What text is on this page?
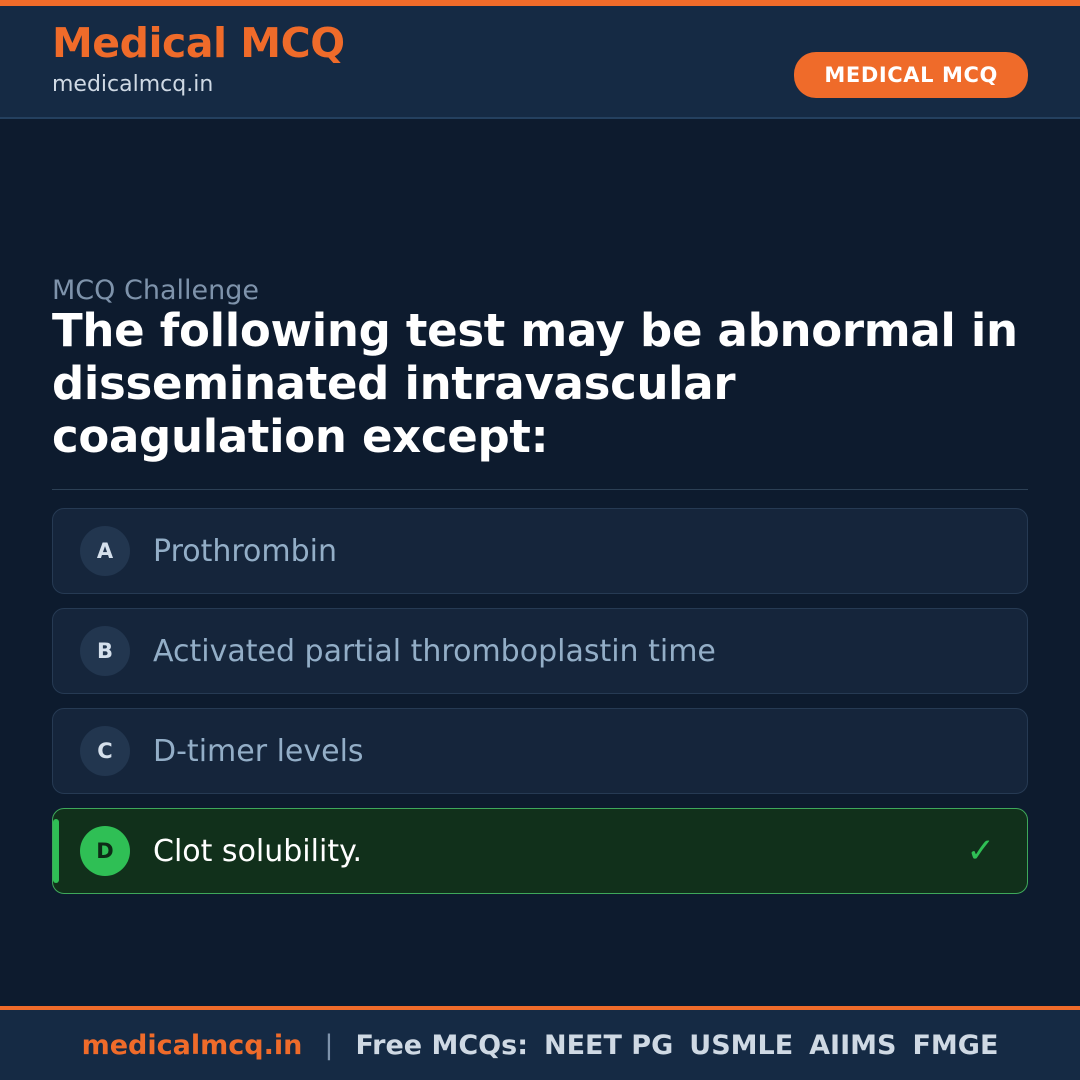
Medical MCQ
medicalmcq.in	MEDICAL MCQ
MCQ Challenge
The following test may be abnormal in disseminated intravascular coagulation except:
A	Prothrombin
B	Activated partial thromboplastin time
C	D-timer levels
D	Clot solubility.	✓
medicalmcq.in | Free MCQs: NEET PG USMLE AIIMS FMGE
